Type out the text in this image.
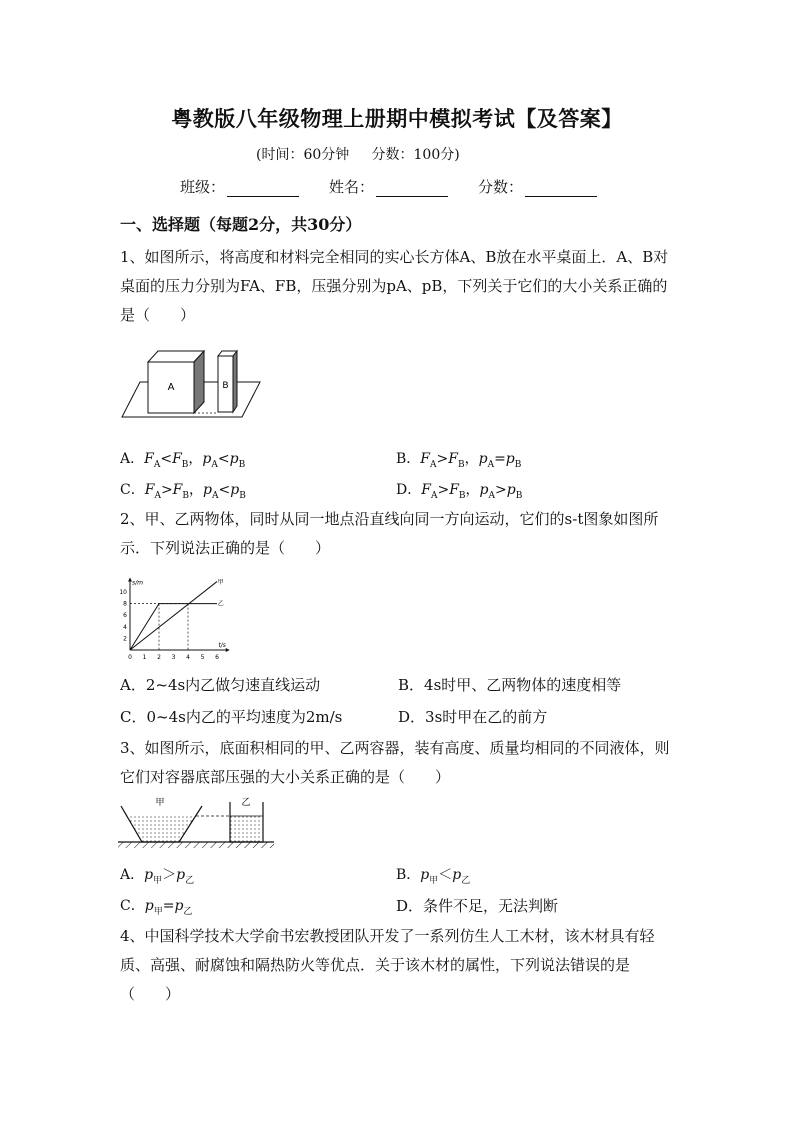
粤教版八年级物理上册期中模拟考试【及答案】
(时间：60分钟     分数：100分)
班级：	姓名：	分数：
一、选择题（每题2分，共30分）
1、如图所示，将高度和材料完全相同的实心长方体A、B放在水平桌面上．A、B对桌面的压力分别为FA、FB，压强分别为pA、pB，下列关于它们的大小关系正确的是（　　）
A	B
A．$F_A<F_B$，$p_A<p_B$	B．$F_A>F_B$，$p_A=p_B$
C．$F_A>F_B$，$p_A<p_B$	D．$F_A>F_B$，$p_A>p_B$
2、甲、乙两物体，同时从同一地点沿直线向同一方向运动，它们的s-t图象如图所示．下列说法正确的是（　　）
0 1 2 3 4 5 6
2
4
6
8
10
t/s
s/m	甲
乙
A．2~4s内乙做匀速直线运动	B．4s时甲、乙两物体的速度相等
C．0~4s内乙的平均速度为2m/s	D．3s时甲在乙的前方
3、如图所示，底面积相同的甲、乙两容器，装有高度、质量均相同的不同液体，则它们对容器底部压强的大小关系正确的是（　　）
甲	乙
A．$p_甲>p_乙$	B．$p_甲<p_乙$
C．$p_甲=p_乙$	D．条件不足，无法判断
4、中国科学技术大学俞书宏教授团队开发了一系列仿生人工木材，该木材具有轻质、高强、耐腐蚀和隔热防火等优点．关于该木材的属性，下列说法错误的是（　　）
